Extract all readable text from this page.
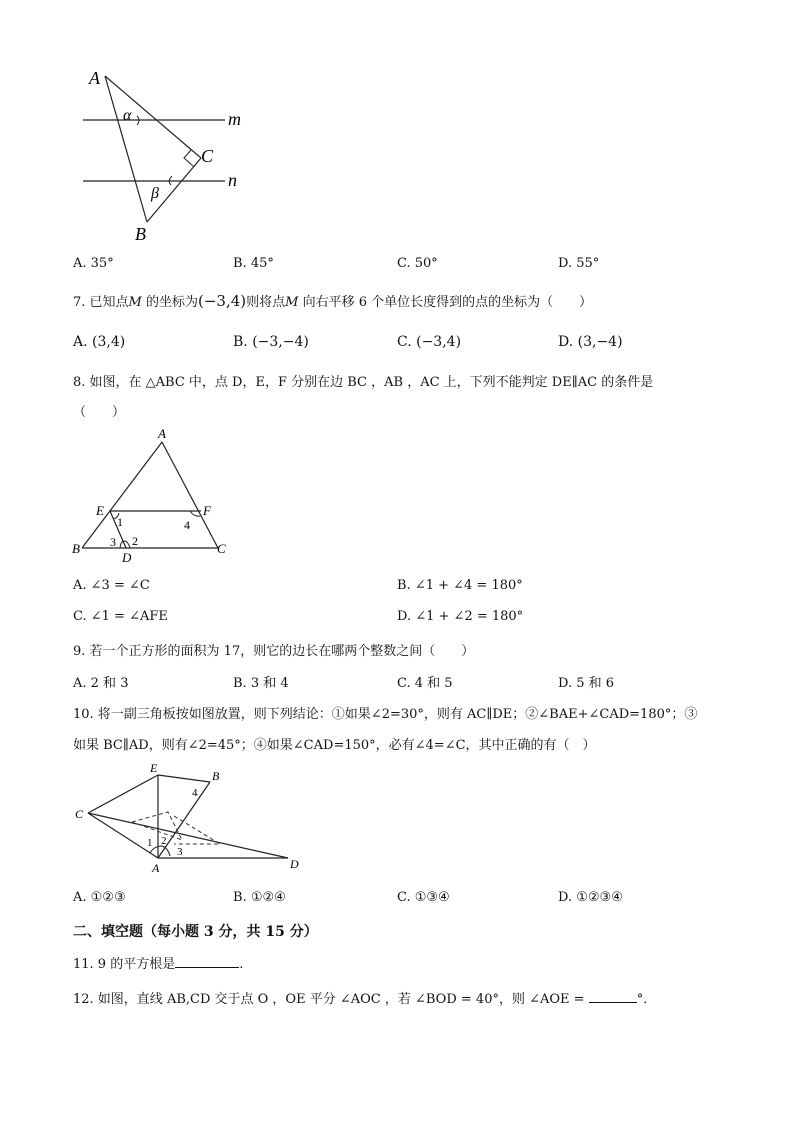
A
B
C
m
n
α
β
A. 35°	B. 45°	C. 50°	D. 55°
7. 已知点M 的坐标为(−3,4)则将点M 向右平移 6 个单位长度得到的点的坐标为（　　）
A. (3,4)	B. (−3,−4)	C. (−3,4)	D. (3,−4)
8. 如图，在 △ABC 中，点 D，E，F 分别在边 BC ，AB ，AC 上，下列不能判定 DE∥AC 的条件是
（　　）
A
B	C
D
E	F
1
2
3
4
A. ∠3 = ∠C	B. ∠1 + ∠4 = 180°
C. ∠1 = ∠AFE	D. ∠1 + ∠2 = 180°
9. 若一个正方形的面积为 17，则它的边长在哪两个整数之间（　　）
A. 2 和 3	B. 3 和 4	C. 4 和 5	D. 5 和 6
10. 将一副三角板按如图放置，则下列结论：①如果∠2=30°，则有 AC∥DE；②∠BAE+∠CAD=180°；③
如果 BC∥AD，则有∠2=45°；④如果∠CAD=150°，必有∠4=∠C，其中正确的有（　）
E
B
C
A	D
1 2
3
4
A. ①②③	B. ①②④	C. ①③④	D. ①②③④
二、填空题（每小题 3 分，共 15 分）
11. 9 的平方根是	.
12. 如图，直线 AB,CD 交于点 O ，OE 平分 ∠AOC ，若 ∠BOD = 40°，则 ∠AOE =	°．
